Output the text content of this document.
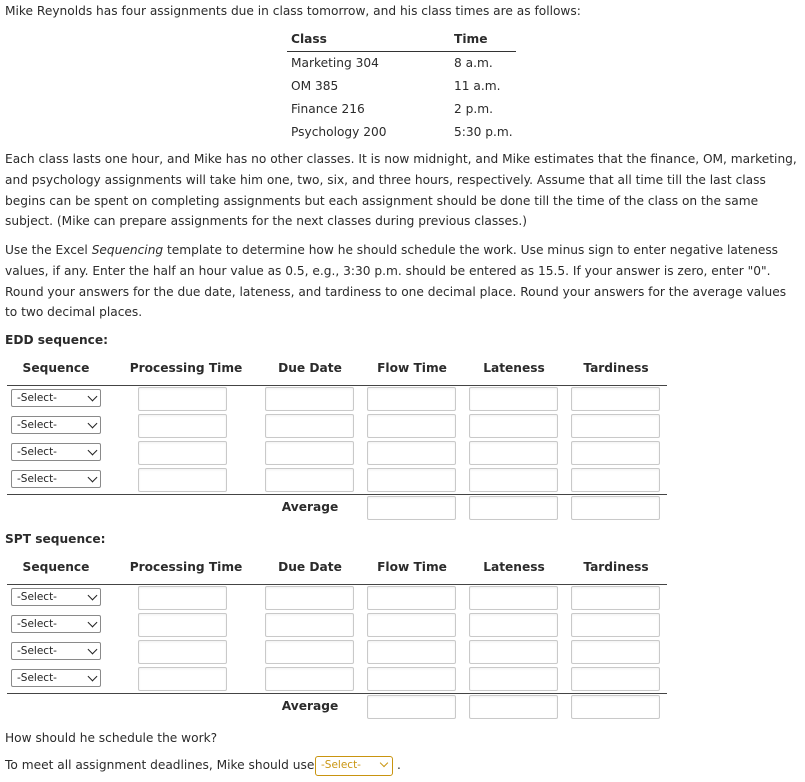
Mike Reynolds has four assignments due in class tomorrow, and his class times are as follows:
Class	Time
Marketing 304	8 a.m.
OM 385	11 a.m.
Finance 216	2 p.m.
Psychology 200	5:30 p.m.
Each class lasts one hour, and Mike has no other classes. It is now midnight, and Mike estimates that the finance, OM, marketing, and psychology assignments will take him one, two, six, and three hours, respectively. Assume that all time till the last class begins can be spent on completing assignments but each assignment should be done till the time of the class on the same subject. (Mike can prepare assignments for the next classes during previous classes.)
Use the Excel Sequencing template to determine how he should schedule the work. Use minus sign to enter negative lateness values, if any. Enter the half an hour value as 0.5, e.g., 3:30 p.m. should be entered as 15.5. If your answer is zero, enter "0". Round your answers for the due date, lateness, and tardiness to one decimal place. Round your answers for the average values to two decimal places.
EDD sequence:
Sequence	Processing Time	Due Date	Flow Time	Lateness	Tardiness
-Select-
-Select-
-Select-
-Select-
Average
SPT sequence:
Sequence	Processing Time	Due Date	Flow Time	Lateness	Tardiness
-Select-
-Select-
-Select-
-Select-
Average
How should he schedule the work?
To meet all assignment deadlines, Mike should use -Select-	.
